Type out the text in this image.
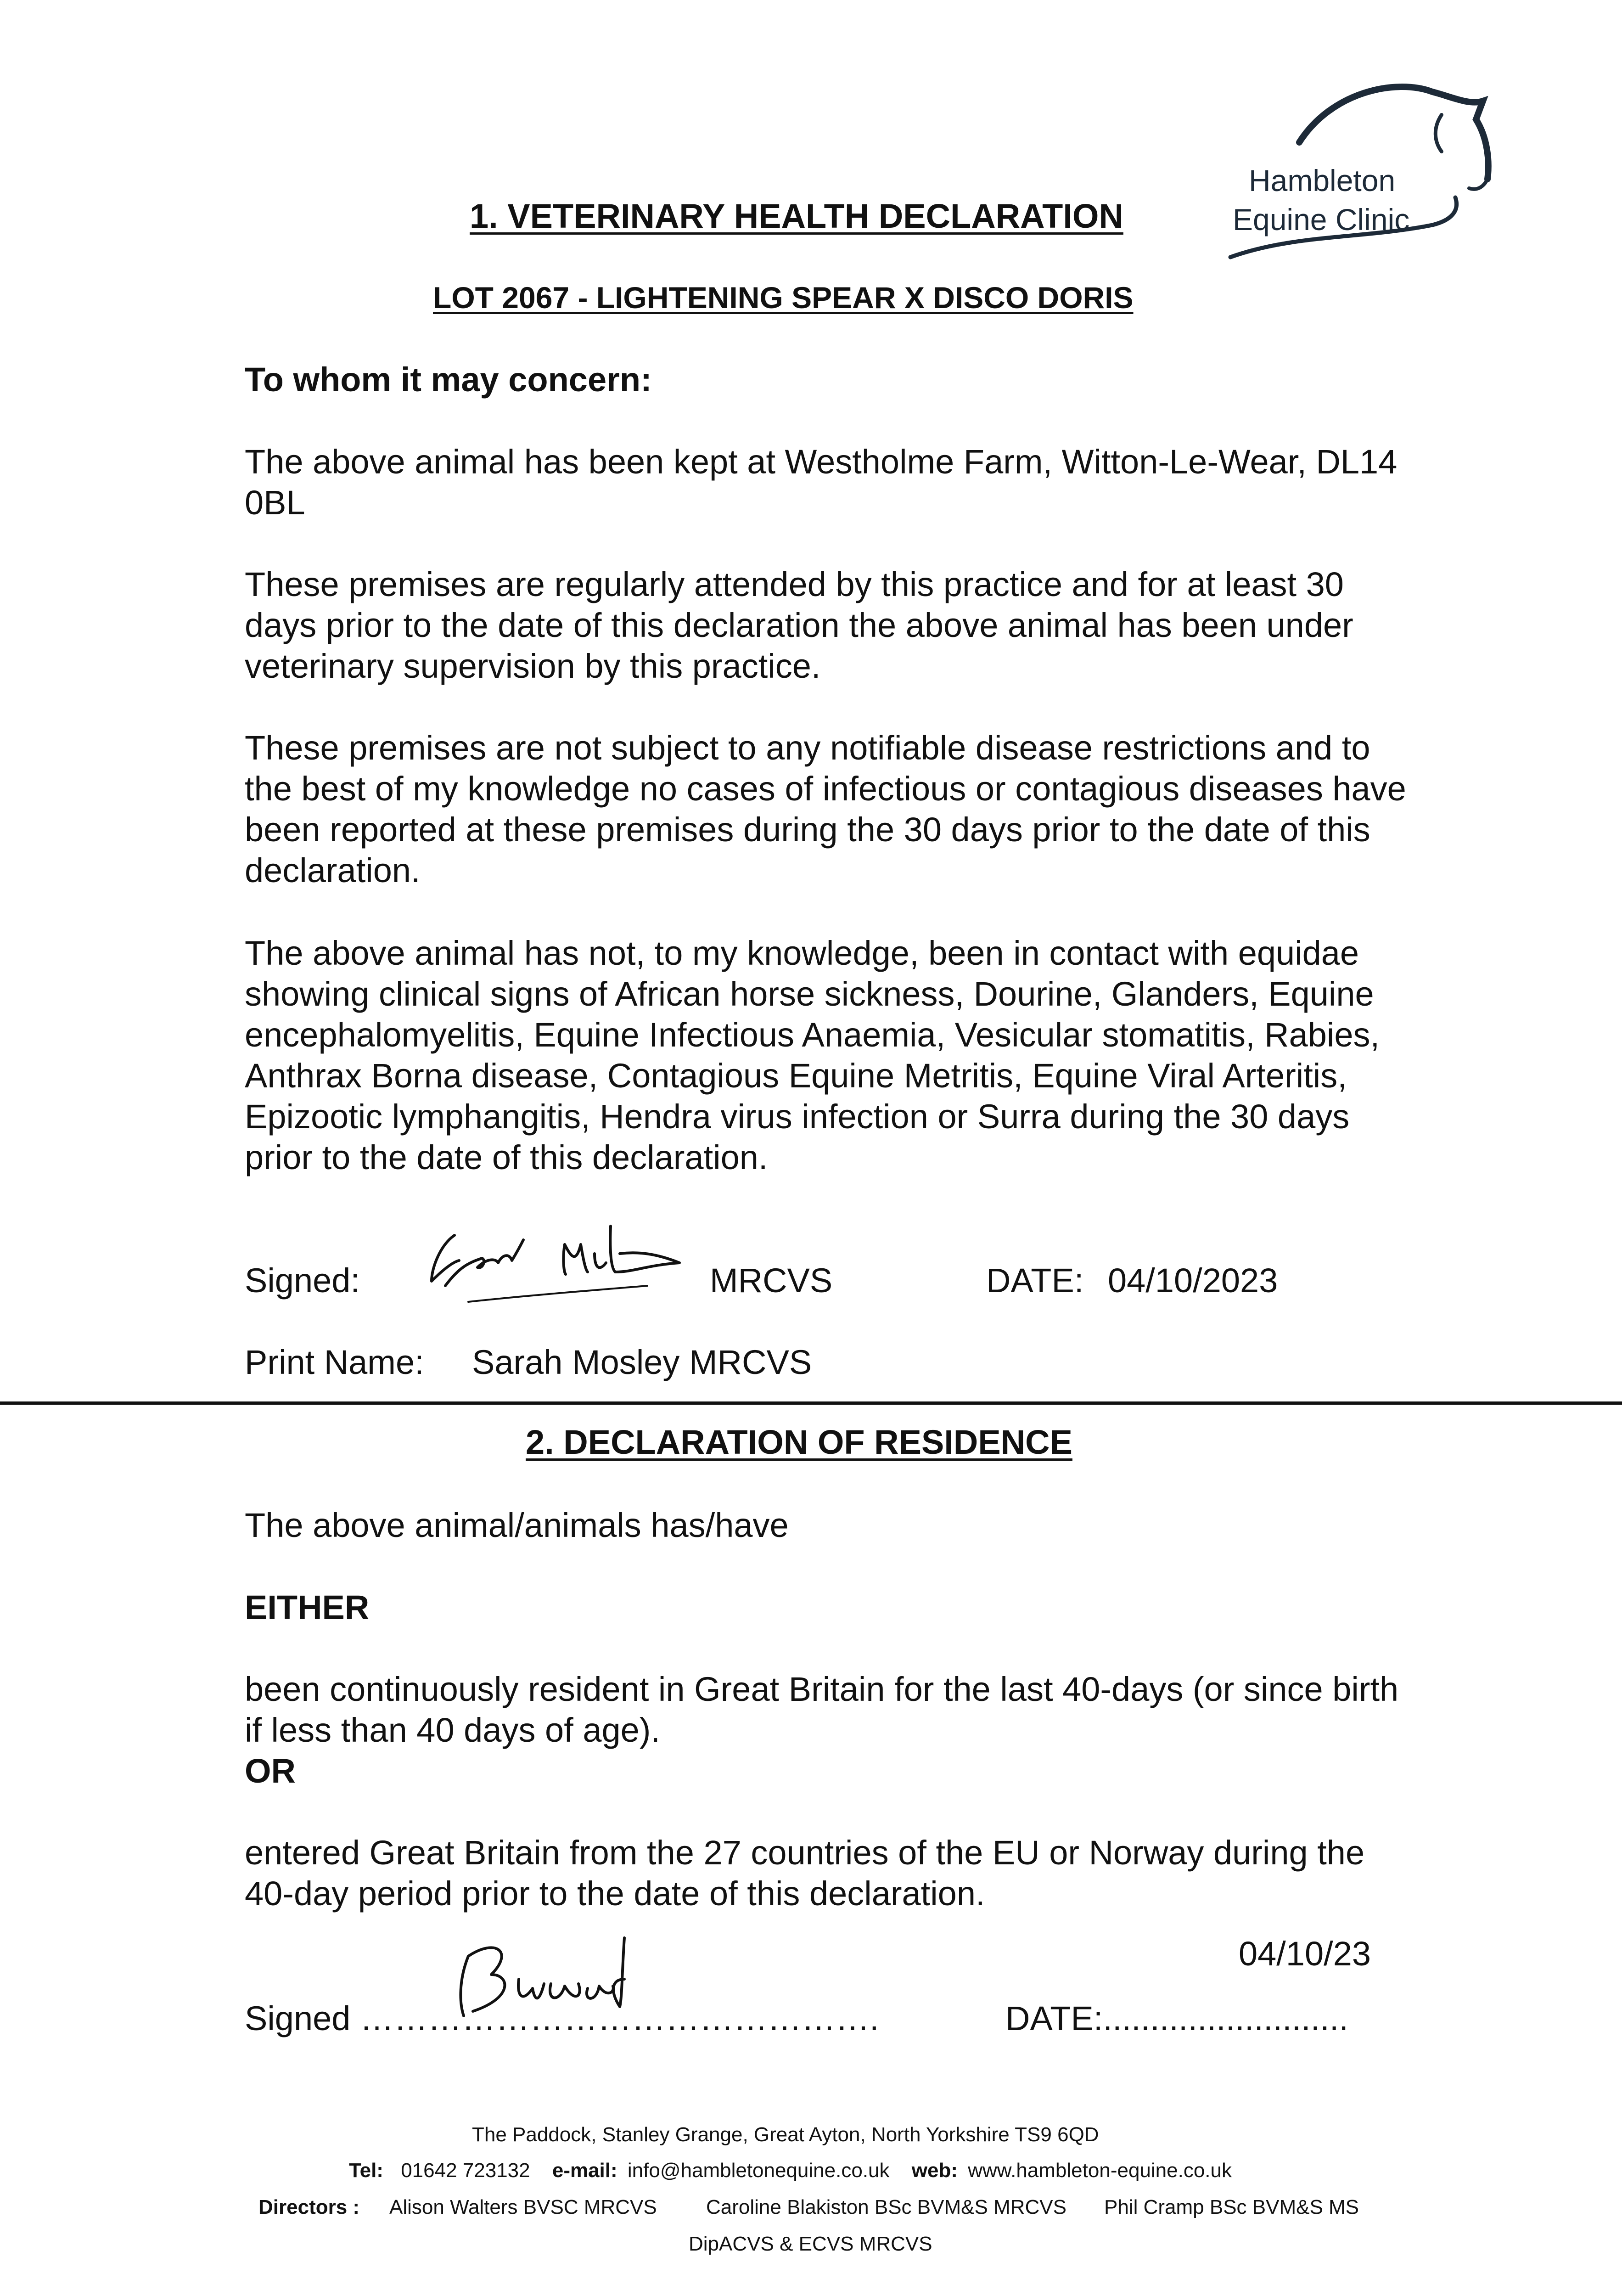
Hambleton
Equine Clinic
1. VETERINARY HEALTH DECLARATION
LOT 2067 - LIGHTENING SPEAR X DISCO DORIS
To whom it may concern:
The above animal has been kept at Westholme Farm, Witton-Le-Wear, DL14 0BL
These premises are regularly attended by this practice and for at least 30 days prior to the date of this declaration the above animal has been under veterinary supervision by this practice.
These premises are not subject to any notifiable disease restrictions and to the best of my knowledge no cases of infectious or contagious diseases have been reported at these premises during the 30 days prior to the date of this declaration.
The above animal has not, to my knowledge, been in contact with equidae showing clinical signs of African horse sickness, Dourine, Glanders, Equine encephalomyelitis, Equine Infectious Anaemia, Vesicular stomatitis, Rabies, Anthrax Borna disease, Contagious Equine Metritis, Equine Viral Arteritis, Epizootic lymphangitis, Hendra virus infection or Surra during the 30 days prior to the date of this declaration.
Signed:	MRCVS	DATE: 04/10/2023
Print Name: Sarah Mosley MRCVS
2. DECLARATION OF RESIDENCE
The above animal/animals has/have
EITHER
been continuously resident in Great Britain for the last 40-days (or since birth if less than 40 days of age).
OR
entered Great Britain from the 27 countries of the EU or Norway during the 40-day period prior to the date of this declaration.
04/10/23
Signed ……………………………………….	DATE:..........................
The Paddock, Stanley Grange, Great Ayton, North Yorkshire TS9 6QD
Tel: 01642 723132 e-mail: info@hambletonequine.co.uk web: www.hambleton-equine.co.uk
Directors : Alison Walters BVSC MRCVS Caroline Blakiston BSc BVM&S MRCVS Phil Cramp BSc BVM&S MS
DipACVS & ECVS MRCVS
